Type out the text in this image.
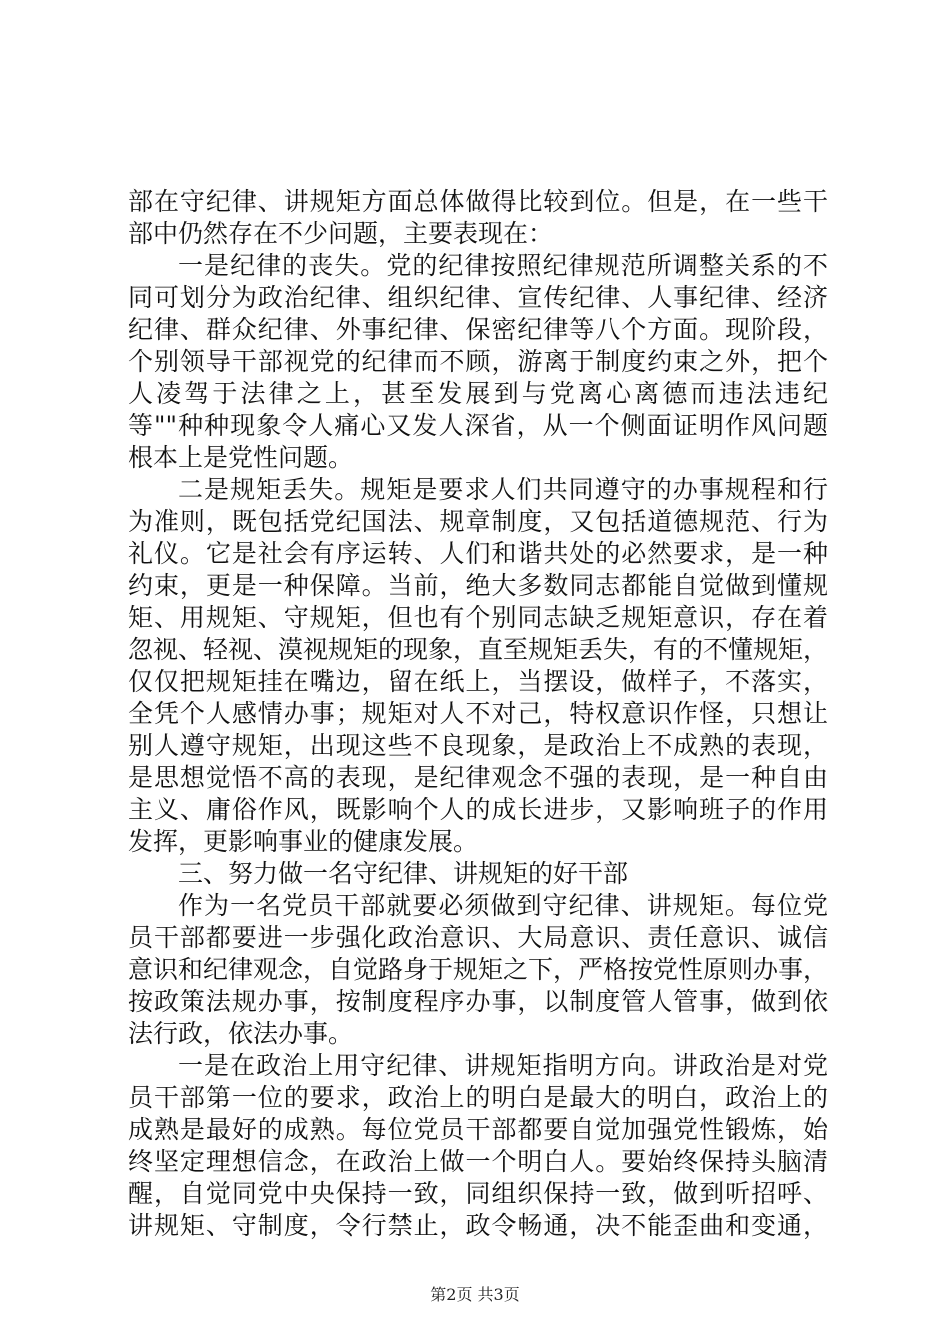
部在守纪律、讲规矩方面总体做得比较到位。但是，在一些干
部中仍然存在不少问题，主要表现在：
一是纪律的丧失。党的纪律按照纪律规范所调整关系的不
同可划分为政治纪律、组织纪律、宣传纪律、人事纪律、经济
纪律、群众纪律、外事纪律、保密纪律等八个方面。现阶段，
个别领导干部视党的纪律而不顾，游离于制度约束之外，把个
人凌驾于法律之上，甚至发展到与党离心离德而违法违纪
等""种种现象令人痛心又发人深省，从一个侧面证明作风问题
根本上是党性问题。
二是规矩丢失。规矩是要求人们共同遵守的办事规程和行
为准则，既包括党纪国法、规章制度，又包括道德规范、行为
礼仪。它是社会有序运转、人们和谐共处的必然要求，是一种
约束，更是一种保障。当前，绝大多数同志都能自觉做到懂规
矩、用规矩、守规矩，但也有个别同志缺乏规矩意识，存在着
忽视、轻视、漠视规矩的现象，直至规矩丢失，有的不懂规矩，
仅仅把规矩挂在嘴边，留在纸上，当摆设，做样子，不落实，
全凭个人感情办事；规矩对人不对己，特权意识作怪，只想让
别人遵守规矩，出现这些不良现象，是政治上不成熟的表现，
是思想觉悟不高的表现，是纪律观念不强的表现，是一种自由
主义、庸俗作风，既影响个人的成长进步，又影响班子的作用
发挥，更影响事业的健康发展。
三、努力做一名守纪律、讲规矩的好干部
作为一名党员干部就要必须做到守纪律、讲规矩。每位党
员干部都要进一步强化政治意识、大局意识、责任意识、诚信
意识和纪律观念，自觉路身于规矩之下，严格按党性原则办事，
按政策法规办事，按制度程序办事，以制度管人管事，做到依
法行政，依法办事。
一是在政治上用守纪律、讲规矩指明方向。讲政治是对党
员干部第一位的要求，政治上的明白是最大的明白，政治上的
成熟是最好的成熟。每位党员干部都要自觉加强党性锻炼，始
终坚定理想信念，在政治上做一个明白人。要始终保持头脑清
醒，自觉同党中央保持一致，同组织保持一致，做到听招呼、
讲规矩、守制度，令行禁止，政令畅通，决不能歪曲和变通，
第2页 共3页
